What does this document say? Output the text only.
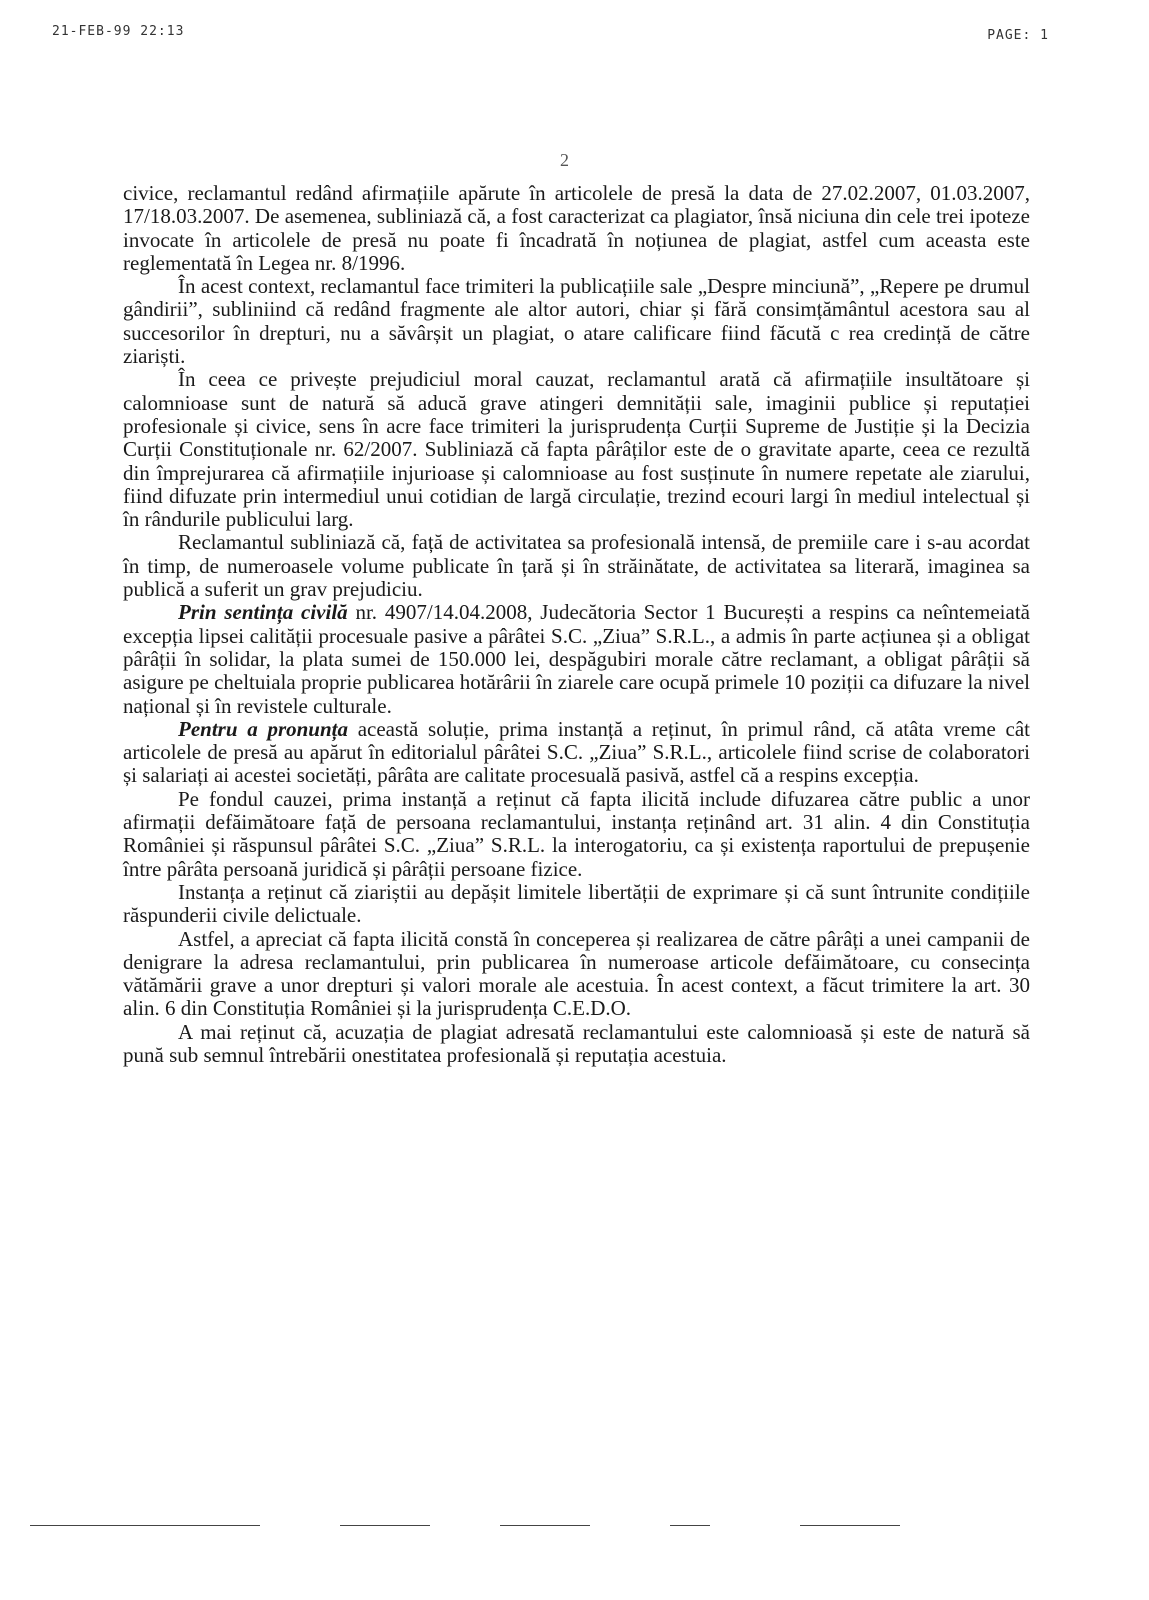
21-FEB-99 22:13	PAGE: 1
2

civice, reclamantul redând afirmațiile apărute în articolele de presă la data de 27.02.2007, 01.03.2007, 17/18.03.2007. De asemenea, subliniază că, a fost caracterizat ca plagiator, însă niciuna din cele trei ipoteze invocate în articolele de presă nu poate fi încadrată în noțiunea de plagiat, astfel cum aceasta este reglementată în Legea nr. 8/1996.

În acest context, reclamantul face trimiteri la publicațiile sale „Despre minciună”, „Repere pe drumul gândirii”, subliniind că redând fragmente ale altor autori, chiar și fără consimțământul acestora sau al succesorilor în drepturi, nu a săvârșit un plagiat, o atare calificare fiind făcută c rea credință de către ziariști.

În ceea ce privește prejudiciul moral cauzat, reclamantul arată că afirmațiile insultătoare și calomnioase sunt de natură să aducă grave atingeri demnității sale, imaginii publice și reputației profesionale și civice, sens în acre face trimiteri la jurisprudența Curții Supreme de Justiție și la Decizia Curții Constituționale nr. 62/2007. Subliniază că fapta pârâților este de o gravitate aparte, ceea ce rezultă din împrejurarea că afirmațiile injurioase și calomnioase au fost susținute în numere repetate ale ziarului, fiind difuzate prin intermediul unui cotidian de largă circulație, trezind ecouri largi în mediul intelectual și în rândurile publicului larg.

Reclamantul subliniază că, față de activitatea sa profesională intensă, de premiile care i s-au acordat în timp, de numeroasele volume publicate în țară și în străinătate, de activitatea sa literară, imaginea sa publică a suferit un grav prejudiciu.

Prin sentința civilă nr. 4907/14.04.2008, Judecătoria Sector 1 București a respins ca neîntemeiată excepția lipsei calității procesuale pasive a pârâtei S.C. „Ziua” S.R.L., a admis în parte acțiunea și a obligat pârâții în solidar, la plata sumei de 150.000 lei, despăgubiri morale către reclamant, a obligat pârâții să asigure pe cheltuiala proprie publicarea hotărârii în ziarele care ocupă primele 10 poziții ca difuzare la nivel național și în revistele culturale.

Pentru a pronunța această soluție, prima instanță a reținut, în primul rând, că atâta vreme cât articolele de presă au apărut în editorialul pârâtei S.C. „Ziua” S.R.L., articolele fiind scrise de colaboratori și salariați ai acestei societăți, pârâta are calitate procesuală pasivă, astfel că a respins excepția.

Pe fondul cauzei, prima instanță a reținut că fapta ilicită include difuzarea către public a unor afirmații defăimătoare față de persoana reclamantului, instanța reținând art. 31 alin. 4 din Constituția României și răspunsul pârâtei S.C. „Ziua” S.R.L. la interogatoriu, ca și existența raportului de prepușenie între pârâta persoană juridică și pârâții persoane fizice.

Instanța a reținut că ziariștii au depășit limitele libertății de exprimare și că sunt întrunite condițiile răspunderii civile delictuale.

Astfel, a apreciat că fapta ilicită constă în conceperea și realizarea de către pârâți a unei campanii de denigrare la adresa reclamantului, prin publicarea în numeroase articole defăimătoare, cu consecința vătămării grave a unor drepturi și valori morale ale acestuia. În acest context, a făcut trimitere la art. 30 alin. 6 din Constituția României și la jurisprudența C.E.D.O.

A mai reținut că, acuzația de plagiat adresată reclamantului este calomnioasă și este de natură să pună sub semnul întrebării onestitatea profesională și reputația acestuia.
